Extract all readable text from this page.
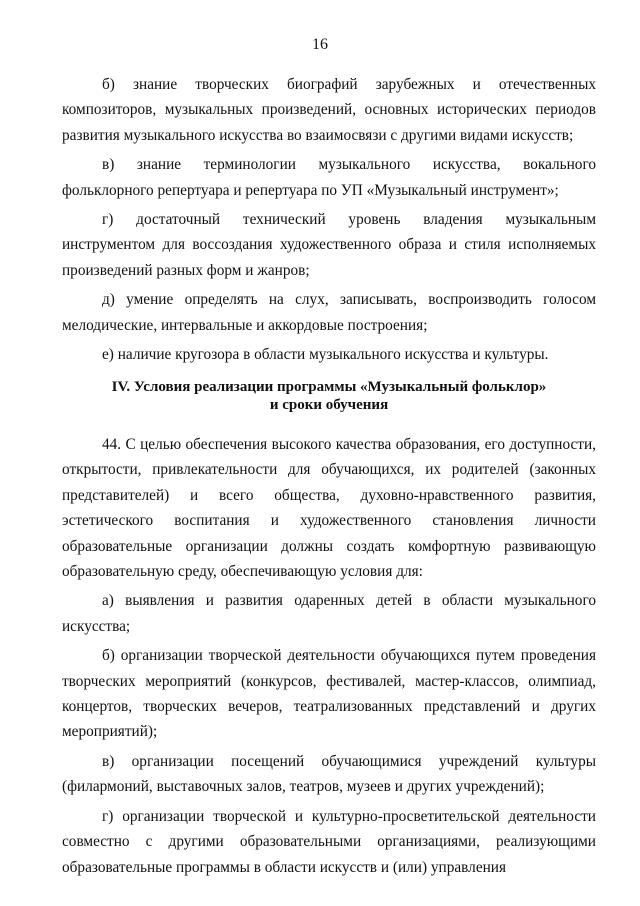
16

б) знание творческих биографий зарубежных и отечественных композиторов, музыкальных произведений, основных исторических периодов развития музыкального искусства во взаимосвязи с другими видами искусств;

в) знание терминологии музыкального искусства, вокального фольклорного репертуара и репертуара по УП «Музыкальный инструмент»;

г) достаточный технический уровень владения музыкальным инструментом для воссоздания художественного образа и стиля исполняемых произведений разных форм и жанров;

д) умение определять на слух, записывать, воспроизводить голосом мелодические, интервальные и аккордовые построения;

е) наличие кругозора в области музыкального искусства и культуры.

IV. Условия реализации программы «Музыкальный фольклор»

и сроки обучения

44. С целью обеспечения высокого качества образования, его доступности, открытости, привлекательности для обучающихся, их родителей (законных представителей) и всего общества, духовно-нравственного развития, эстетического воспитания и художественного становления личности образовательные организации должны создать комфортную развивающую образовательную среду, обеспечивающую условия для:

а) выявления и развития одаренных детей в области музыкального искусства;

б) организации творческой деятельности обучающихся путем проведения творческих мероприятий (конкурсов, фестивалей, мастер-классов, олимпиад, концертов, творческих вечеров, театрализованных представлений и других мероприятий);

в) организации посещений обучающимися учреждений культуры (филармоний, выставочных залов, театров, музеев и других учреждений);

г) организации творческой и культурно-просветительской деятельности совместно с другими образовательными организациями, реализующими образовательные программы в области искусств и (или) управления
